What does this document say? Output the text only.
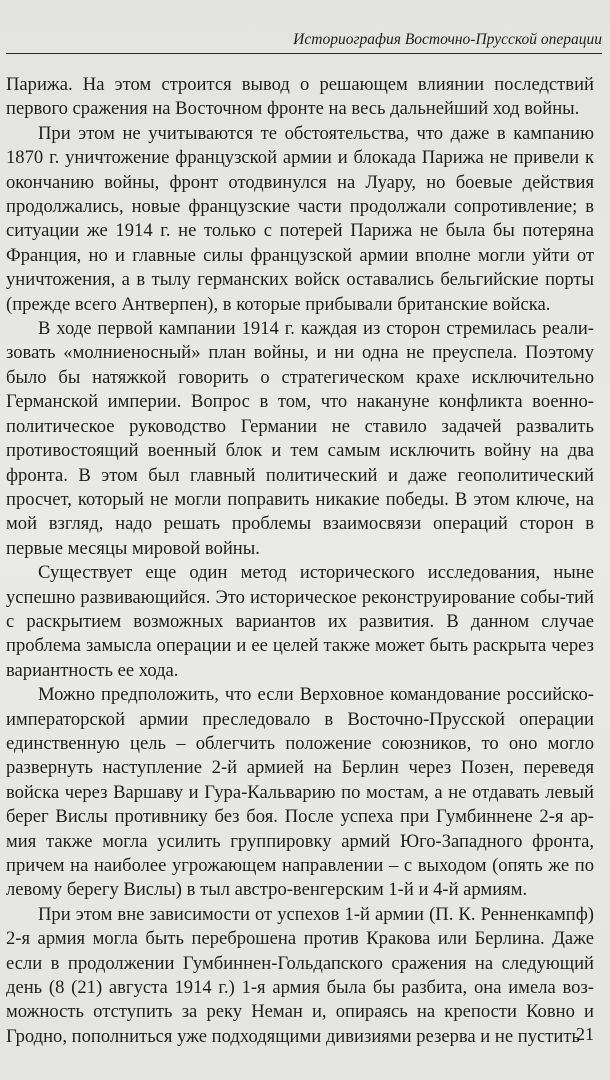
Историография Восточно-Прусской операции

Парижа. На этом строится вывод о решающем влиянии последствий первого сражения на Восточном фронте на весь дальнейший ход войны.

При этом не учитываются те обстоятельства, что даже в кампанию 1870 г. уничтожение французской армии и блокада Парижа не привели к окончанию войны, фронт отодвинулся на Луару, но боевые действия продолжались, новые французские части продолжали сопротивление; в ситуации же 1914 г. не только с потерей Парижа не была бы потеряна Франция, но и главные силы французской армии вполне могли уйти от уничтожения, а в тылу германских войск оставались бельгийские порты (прежде всего Антверпен), в которые прибывали британские войска.

В ходе первой кампании 1914 г. каждая из сторон стремилась реали-зовать «молниеносный» план войны, и ни одна не преуспела. Поэтому было бы натяжкой говорить о стратегическом крахе исключительно Германской империи. Вопрос в том, что накануне конфликта военно-политическое руководство Германии не ставило задачей развалить противостоящий военный блок и тем самым исключить войну на два фронта. В этом был главный политический и даже геополитический просчет, который не могли поправить никакие победы. В этом ключе, на мой взгляд, надо решать проблемы взаимосвязи операций сторон в первые месяцы мировой войны.

Существует еще один метод исторического исследования, ныне успешно развивающийся. Это историческое реконструирование собы-тий с раскрытием возможных вариантов их развития. В данном случае проблема замысла операции и ее целей также может быть раскрыта через вариантность ее хода.

Можно предположить, что если Верховное командование российско-императорской армии преследовало в Восточно-Прусской операции единственную цель – облегчить положение союзников, то оно могло развернуть наступление 2-й армией на Берлин через Позен, переведя войска через Варшаву и Гура-Кальварию по мостам, а не отдавать левый берег Вислы противнику без боя. После успеха при Гумбиннене 2-я ар-мия также могла усилить группировку армий Юго-Западного фронта, причем на наиболее угрожающем направлении – с выходом (опять же по левому берегу Вислы) в тыл австро-венгерским 1-й и 4-й армиям.

При этом вне зависимости от успехов 1-й армии (П. К. Ренненкампф) 2-я армия могла быть переброшена против Кракова или Берлина. Даже если в продолжении Гумбиннен-Гольдапского сражения на следующий день (8 (21) августа 1914 г.) 1-я армия была бы разбита, она имела воз-можность отступить за реку Неман и, опираясь на крепости Ковно и Гродно, пополниться уже подходящими дивизиями резерва и не пустить

21
